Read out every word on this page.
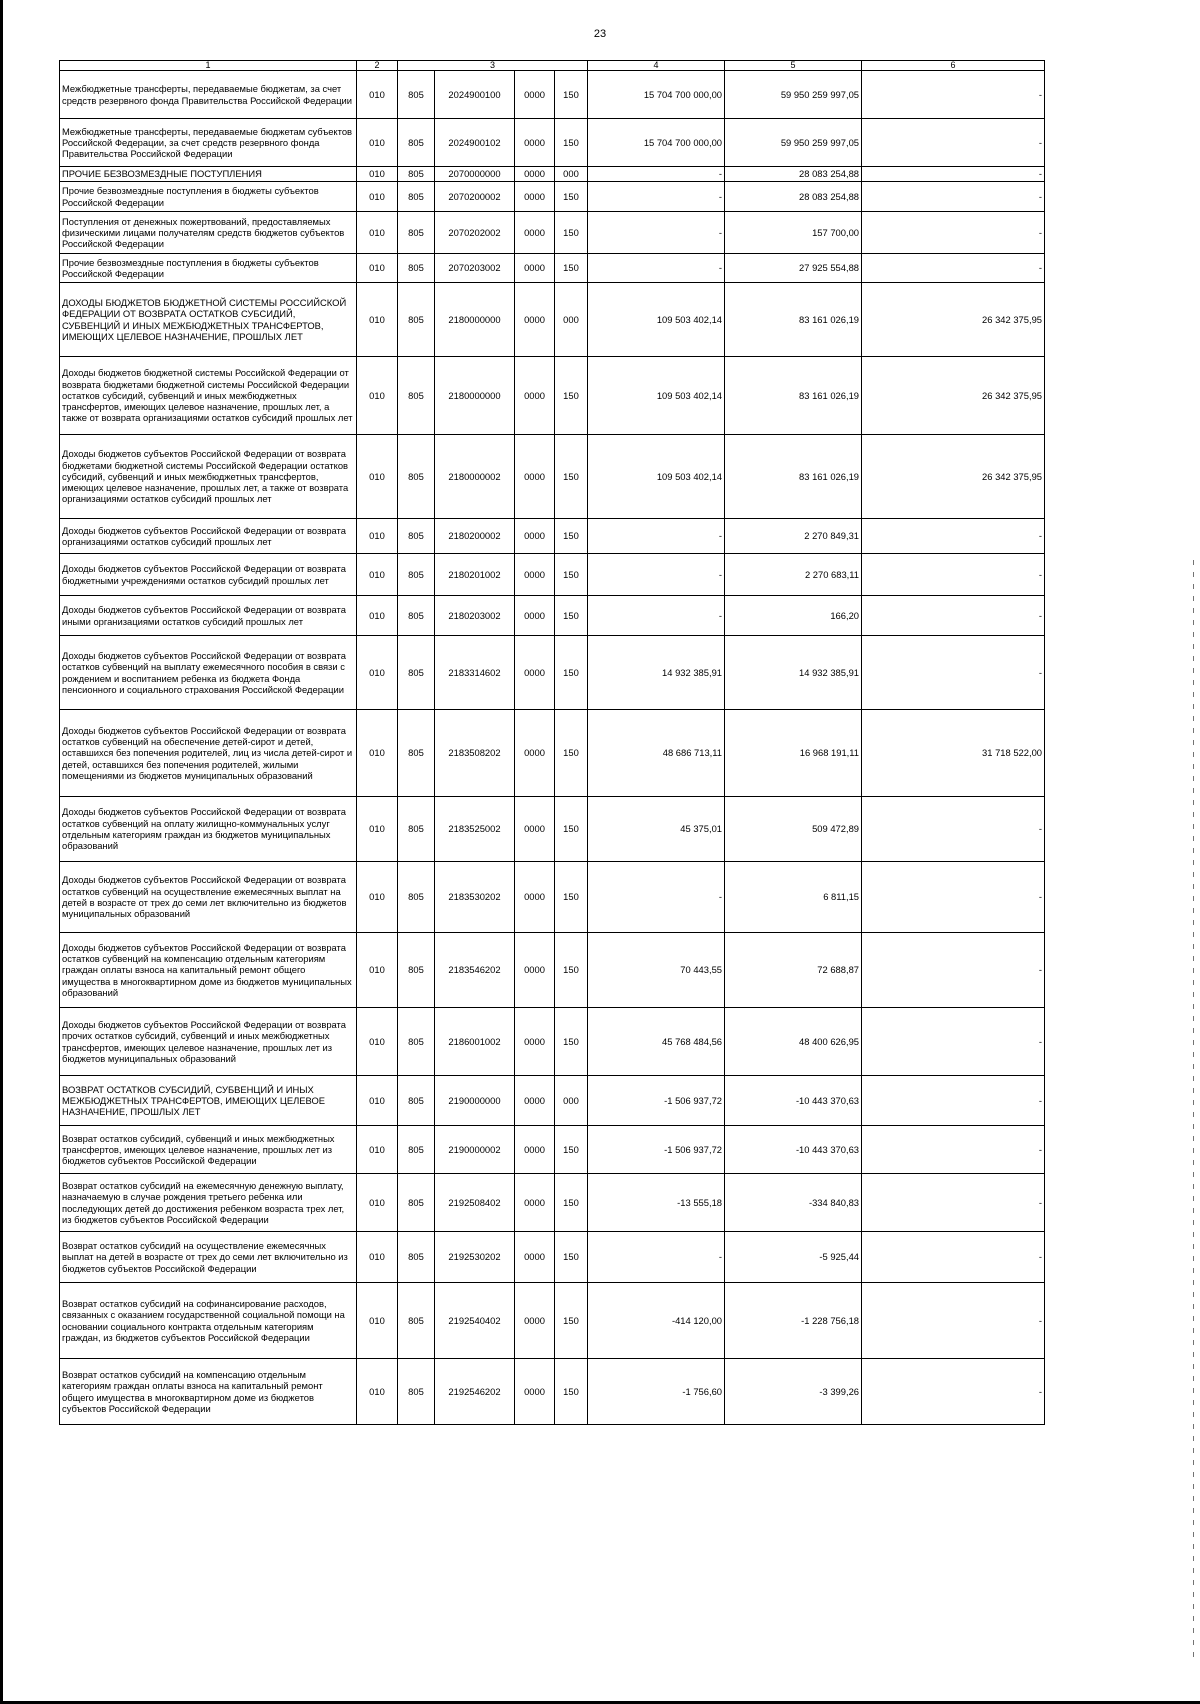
23
1	2	3				4	5	6
Межбюджетные трансферты, передаваемые бюджетам, за счет средств резервного фонда Правительства Российской Федерации	010	805	2024900100	0000	150	15 704 700 000,00	59 950 259 997,05	-
Межбюджетные трансферты, передаваемые бюджетам субъектов Российской Федерации, за счет средств резервного фонда Правительства Российской Федерации	010	805	2024900102	0000	150	15 704 700 000,00	59 950 259 997,05	-
ПРОЧИЕ БЕЗВОЗМЕЗДНЫЕ ПОСТУПЛЕНИЯ	010	805	2070000000	0000	000	-	28 083 254,88	-
Прочие безвозмездные поступления в бюджеты субъектов Российской Федерации	010	805	2070200002	0000	150	-	28 083 254,88	-
Поступления от денежных пожертвований, предоставляемых физическими лицами получателям средств бюджетов субъектов Российской Федерации	010	805	2070202002	0000	150	-	157 700,00	-
Прочие безвозмездные поступления в бюджеты субъектов Российской Федерации	010	805	2070203002	0000	150	-	27 925 554,88	-
ДОХОДЫ БЮДЖЕТОВ БЮДЖЕТНОЙ СИСТЕМЫ РОССИЙСКОЙ ФЕДЕРАЦИИ ОТ ВОЗВРАТА ОСТАТКОВ СУБСИДИЙ, СУБВЕНЦИЙ И ИНЫХ МЕЖБЮДЖЕТНЫХ ТРАНСФЕРТОВ, ИМЕЮЩИХ ЦЕЛЕВОЕ НАЗНАЧЕНИЕ, ПРОШЛЫХ ЛЕТ	010	805	2180000000	0000	000	109 503 402,14	83 161 026,19	26 342 375,95
Доходы бюджетов бюджетной системы Российской Федерации от возврата бюджетами бюджетной системы Российской Федерации остатков субсидий, субвенций и иных межбюджетных трансфертов, имеющих целевое назначение, прошлых лет, а также от возврата организациями остатков субсидий прошлых лет	010	805	2180000000	0000	150	109 503 402,14	83 161 026,19	26 342 375,95
Доходы бюджетов субъектов Российской Федерации от возврата бюджетами бюджетной системы Российской Федерации остатков субсидий, субвенций и иных межбюджетных трансфертов, имеющих целевое назначение, прошлых лет, а также от возврата организациями остатков субсидий прошлых лет	010	805	2180000002	0000	150	109 503 402,14	83 161 026,19	26 342 375,95
Доходы бюджетов субъектов Российской Федерации от возврата организациями остатков субсидий прошлых лет	010	805	2180200002	0000	150	-	2 270 849,31	-
Доходы бюджетов субъектов Российской Федерации от возврата бюджетными учреждениями остатков субсидий прошлых лет	010	805	2180201002	0000	150	-	2 270 683,11	-
Доходы бюджетов субъектов Российской Федерации от возврата иными организациями остатков субсидий прошлых лет	010	805	2180203002	0000	150	-	166,20	-
Доходы бюджетов субъектов Российской Федерации от возврата остатков субвенций на выплату ежемесячного пособия в связи с рождением и воспитанием ребенка из бюджета Фонда пенсионного и социального страхования Российской Федерации	010	805	2183314602	0000	150	14 932 385,91	14 932 385,91	-
Доходы бюджетов субъектов Российской Федерации от возврата остатков субвенций на обеспечение детей-сирот и детей, оставшихся без попечения родителей, лиц из числа детей-сирот и детей, оставшихся без попечения родителей, жилыми помещениями из бюджетов муниципальных образований	010	805	2183508202	0000	150	48 686 713,11	16 968 191,11	31 718 522,00
Доходы бюджетов субъектов Российской Федерации от возврата остатков субвенций на оплату жилищно-коммунальных услуг отдельным категориям граждан из бюджетов муниципальных образований	010	805	2183525002	0000	150	45 375,01	509 472,89	-
Доходы бюджетов субъектов Российской Федерации от возврата остатков субвенций на осуществление ежемесячных выплат на детей в возрасте от трех до семи лет включительно из бюджетов муниципальных образований	010	805	2183530202	0000	150	-	6 811,15	-
Доходы бюджетов субъектов Российской Федерации от возврата остатков субвенций на компенсацию отдельным категориям граждан оплаты взноса на капитальный ремонт общего имущества в многоквартирном доме из бюджетов муниципальных образований	010	805	2183546202	0000	150	70 443,55	72 688,87	-
Доходы бюджетов субъектов Российской Федерации от возврата прочих остатков субсидий, субвенций и иных межбюджетных трансфертов, имеющих целевое назначение, прошлых лет из бюджетов муниципальных образований	010	805	2186001002	0000	150	45 768 484,56	48 400 626,95	-
ВОЗВРАТ ОСТАТКОВ СУБСИДИЙ, СУБВЕНЦИЙ И ИНЫХ МЕЖБЮДЖЕТНЫХ ТРАНСФЕРТОВ, ИМЕЮЩИХ ЦЕЛЕВОЕ НАЗНАЧЕНИЕ, ПРОШЛЫХ ЛЕТ	010	805	2190000000	0000	000	-1 506 937,72	-10 443 370,63	-
Возврат остатков субсидий, субвенций и иных межбюджетных трансфертов, имеющих целевое назначение, прошлых лет из бюджетов субъектов Российской Федерации	010	805	2190000002	0000	150	-1 506 937,72	-10 443 370,63	-
Возврат остатков субсидий на ежемесячную денежную выплату, назначаемую в случае рождения третьего ребенка или последующих детей до достижения ребенком возраста трех лет, из бюджетов субъектов Российской Федерации	010	805	2192508402	0000	150	-13 555,18	-334 840,83	-
Возврат остатков субсидий на осуществление ежемесячных выплат на детей в возрасте от трех до семи лет включительно из бюджетов субъектов Российской Федерации	010	805	2192530202	0000	150	-	-5 925,44	-
Возврат остатков субсидий на софинансирование расходов, связанных с оказанием государственной социальной помощи на основании социального контракта отдельным категориям граждан, из бюджетов субъектов Российской Федерации	010	805	2192540402	0000	150	-414 120,00	-1 228 756,18	-
Возврат остатков субсидий на компенсацию отдельным категориям граждан оплаты взноса на капитальный ремонт общего имущества в многоквартирном доме из бюджетов субъектов Российской Федерации	010	805	2192546202	0000	150	-1 756,60	-3 399,26	-
